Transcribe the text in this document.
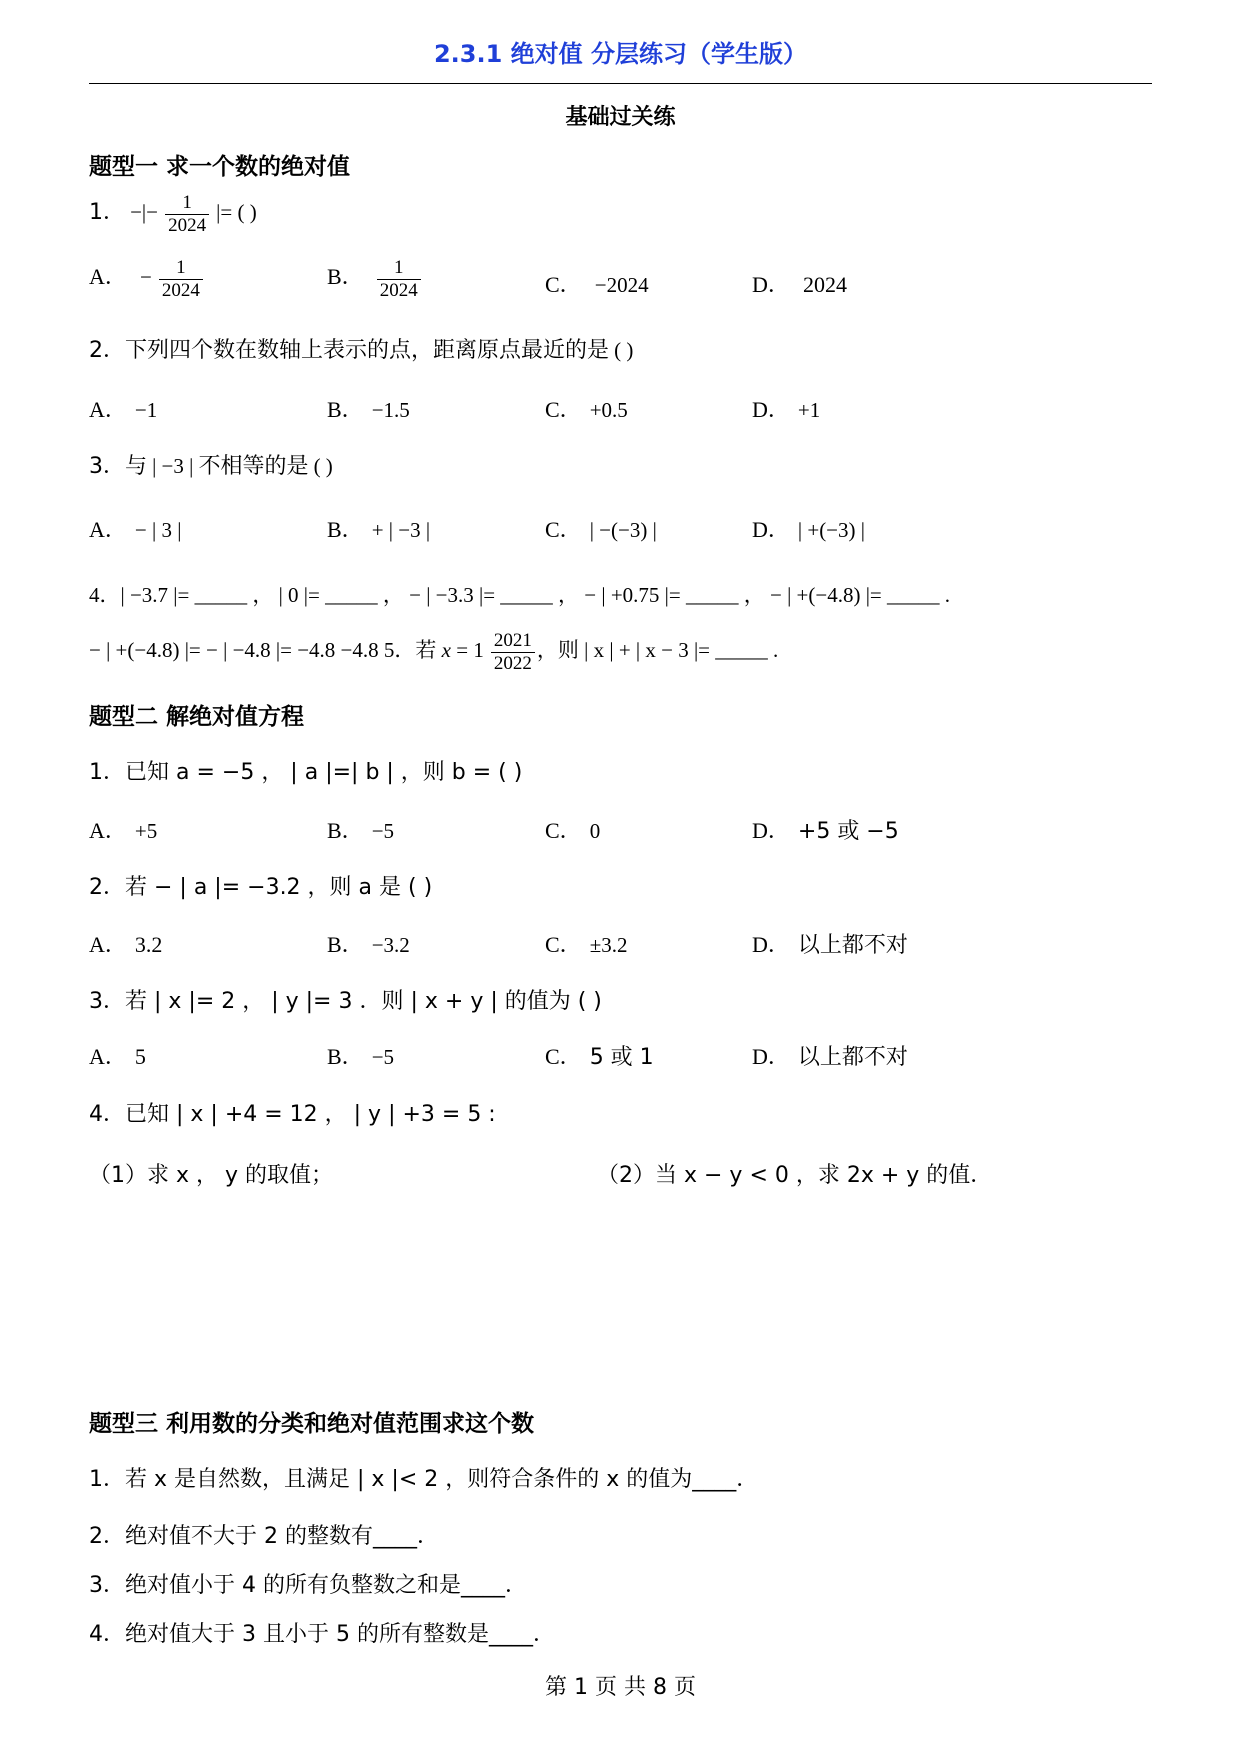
2.3.1 绝对值 分层练习（学生版）
基础过关练
题型一 求一个数的绝对值
1． −|− $\frac{1}{2024}$ |= ( )
A． − $\frac{1}{2024}$	B． $\frac{1}{2024}$	C． −2024	D． 2024
2．下列四个数在数轴上表示的点，距离原点最近的是 ( )
A． −1	B． −1.5	C． +0.5	D． +1
3．与 | −3 | 不相等的是 ( )
A． − | 3 |	B． + | −3 |	C． | −(−3) |	D． | +(−3) |
4．| −3.7 |= _____ ， | 0 |= _____ ， − | −3.3 |= _____ ， − | +0.75 |= _____ ， − | +(−4.8) |= _____ .
− | +(−4.8) |= − | −4.8 |= −4.8 −4.8 5．若 $x = 1 \frac{2021}{2022}$ ，则 | x | + | x − 3 |= _____ .
题型二 解绝对值方程
1．已知 a = −5 ， | a |=| b | ，则 b = ( )
A． +5	B． −5	C． 0	D． +5 或 −5
2．若 − | a |= −3.2 ，则 a 是 ( )
A． 3.2	B． −3.2	C． ±3.2	D． 以上都不对
3．若 | x |= 2 ， | y |= 3 ．则 | x + y | 的值为 ( )
A． 5	B． −5	C． 5 或 1	D． 以上都不对
4．已知 | x | +4 = 12 ， | y | +3 = 5 :
（1）求 x ， y 的取值；	（2）当 x − y < 0 ，求 2x + y 的值．
题型三 利用数的分类和绝对值范围求这个数
1．若 x 是自然数，且满足 | x |< 2 ，则符合条件的 x 的值为____．
2．绝对值不大于 2 的整数有____．
3．绝对值小于 4 的所有负整数之和是____．
4．绝对值大于 3 且小于 5 的所有整数是____．
第 1 页 共 8 页
